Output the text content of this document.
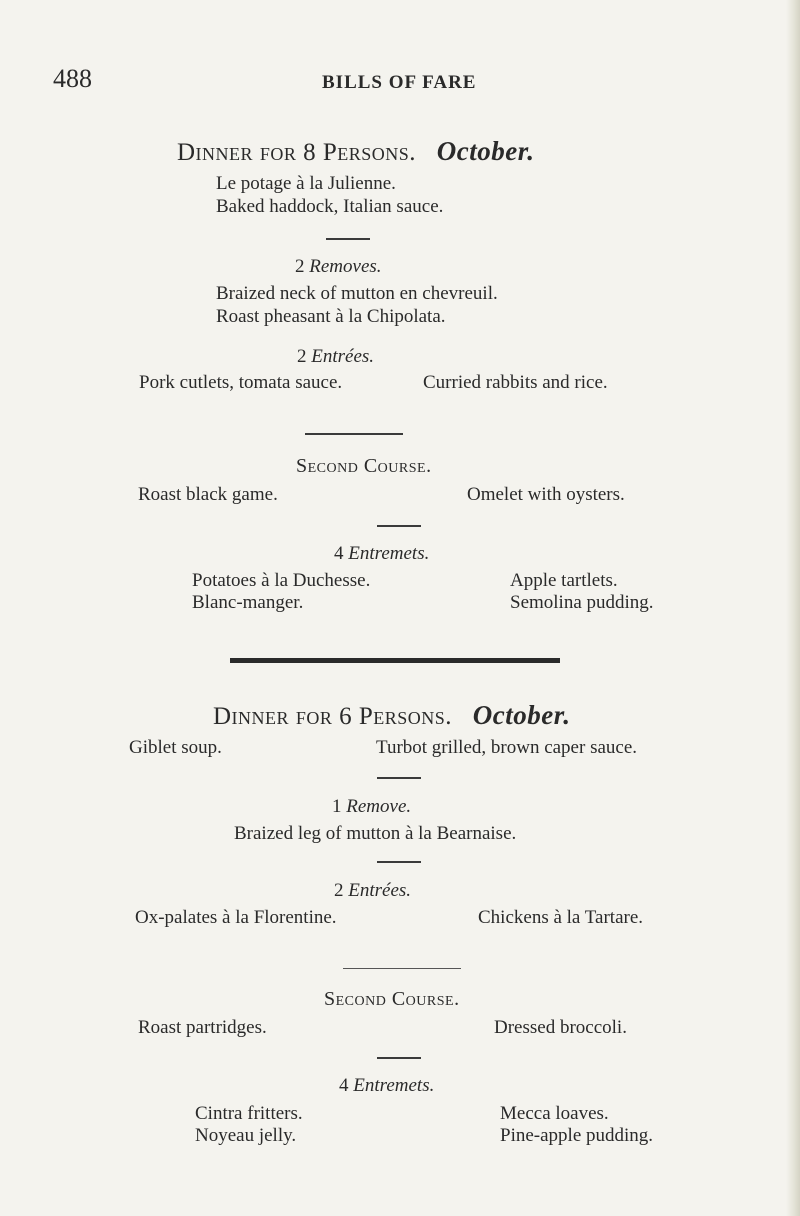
488	BILLS OF FARE
Dinner for 8 Persons. October.
Le potage à la Julienne.
Baked haddock, Italian sauce.
2 Removes.
Braized neck of mutton en chevreuil.
Roast pheasant à la Chipolata.
2 Entrées.
Pork cutlets, tomata sauce.	Curried rabbits and rice.
Second Course.
Roast black game.	Omelet with oysters.
4 Entremets.
Potatoes à la Duchesse.	Apple tartlets.
Blanc-manger.	Semolina pudding.
Dinner for 6 Persons. October.
Giblet soup.	Turbot grilled, brown caper sauce.
1 Remove.
Braized leg of mutton à la Bearnaise.
2 Entrées.
Ox-palates à la Florentine.	Chickens à la Tartare.
Second Course.
Roast partridges.	Dressed broccoli.
4 Entremets.
Cintra fritters.	Mecca loaves.
Noyeau jelly.	Pine-apple pudding.
